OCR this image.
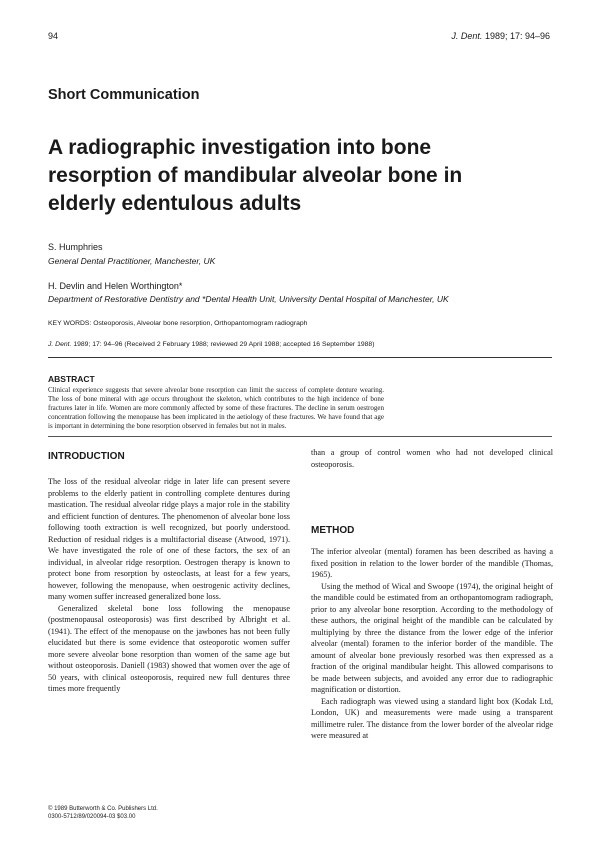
94	J. Dent. 1989; 17: 94–96
Short Communication
A radiographic investigation into bone resorption of mandibular alveolar bone in elderly edentulous adults
S. Humphries
General Dental Practitioner, Manchester, UK
H. Devlin and Helen Worthington*
Department of Restorative Dentistry and *Dental Health Unit, University Dental Hospital of Manchester, UK
KEY WORDS: Osteoporosis, Alveolar bone resorption, Orthopantomogram radiograph
J. Dent. 1989; 17: 94–96 (Received 2 February 1988; reviewed 29 April 1988; accepted 16 September 1988)
ABSTRACT
Clinical experience suggests that severe alveolar bone resorption can limit the success of complete denture wearing. The loss of bone mineral with age occurs throughout the skeleton, which contributes to the high incidence of bone fractures later in life. Women are more commonly affected by some of these fractures. The decline in serum oestrogen concentration following the menopause has been implicated in the aetiology of these fractures. We have found that age is important in determining the bone resorption observed in females but not in males.
INTRODUCTION

The loss of the residual alveolar ridge in later life can present severe problems to the elderly patient in controlling complete dentures during mastication. The residual alveolar ridge plays a major role in the stability and efficient function of dentures. The phenomenon of alveolar bone loss following tooth extraction is well recognized, but poorly understood. Reduction of residual ridges is a multifactorial disease (Atwood, 1971). We have investigated the role of one of these factors, the sex of an individual, in alveolar ridge resorption. Oestrogen therapy is known to protect bone from resorption by osteoclasts, at least for a few years, however, following the menopause, when oestrogenic activity declines, many women suffer increased generalized bone loss.

Generalized skeletal bone loss following the menopause (postmenopausal osteoporosis) was first described by Albright et al. (1941). The effect of the menopause on the jawbones has not been fully elucidated but there is some evidence that osteoporotic women suffer more severe alveolar bone resorption than women of the same age but without osteoporosis. Daniell (1983) showed that women over the age of 50 years, with clinical osteoporosis, required new full dentures three times more frequently

than a group of control women who had not developed clinical osteoporosis.

METHOD

The inferior alveolar (mental) foramen has been described as having a fixed position in relation to the lower border of the mandible (Thomas, 1965).

Using the method of Wical and Swoope (1974), the original height of the mandible could be estimated from an orthopantomogram radiograph, prior to any alveolar bone resorption. According to the methodology of these authors, the original height of the mandible can be calculated by multiplying by three the distance from the lower edge of the inferior alveolar (mental) foramen to the inferior border of the mandible. The amount of alveolar bone previously resorbed was then expressed as a fraction of the original mandibular height. This allowed comparisons to be made between subjects, and avoided any error due to radiographic magnification or distortion.

Each radiograph was viewed using a standard light box (Kodak Ltd, London, UK) and measurements were made using a transparent millimetre ruler. The distance from the lower border of the alveolar ridge were measured at

© 1989 Butterworth & Co. Publishers Ltd.
0300-5712/89/020094-03 $03.00
